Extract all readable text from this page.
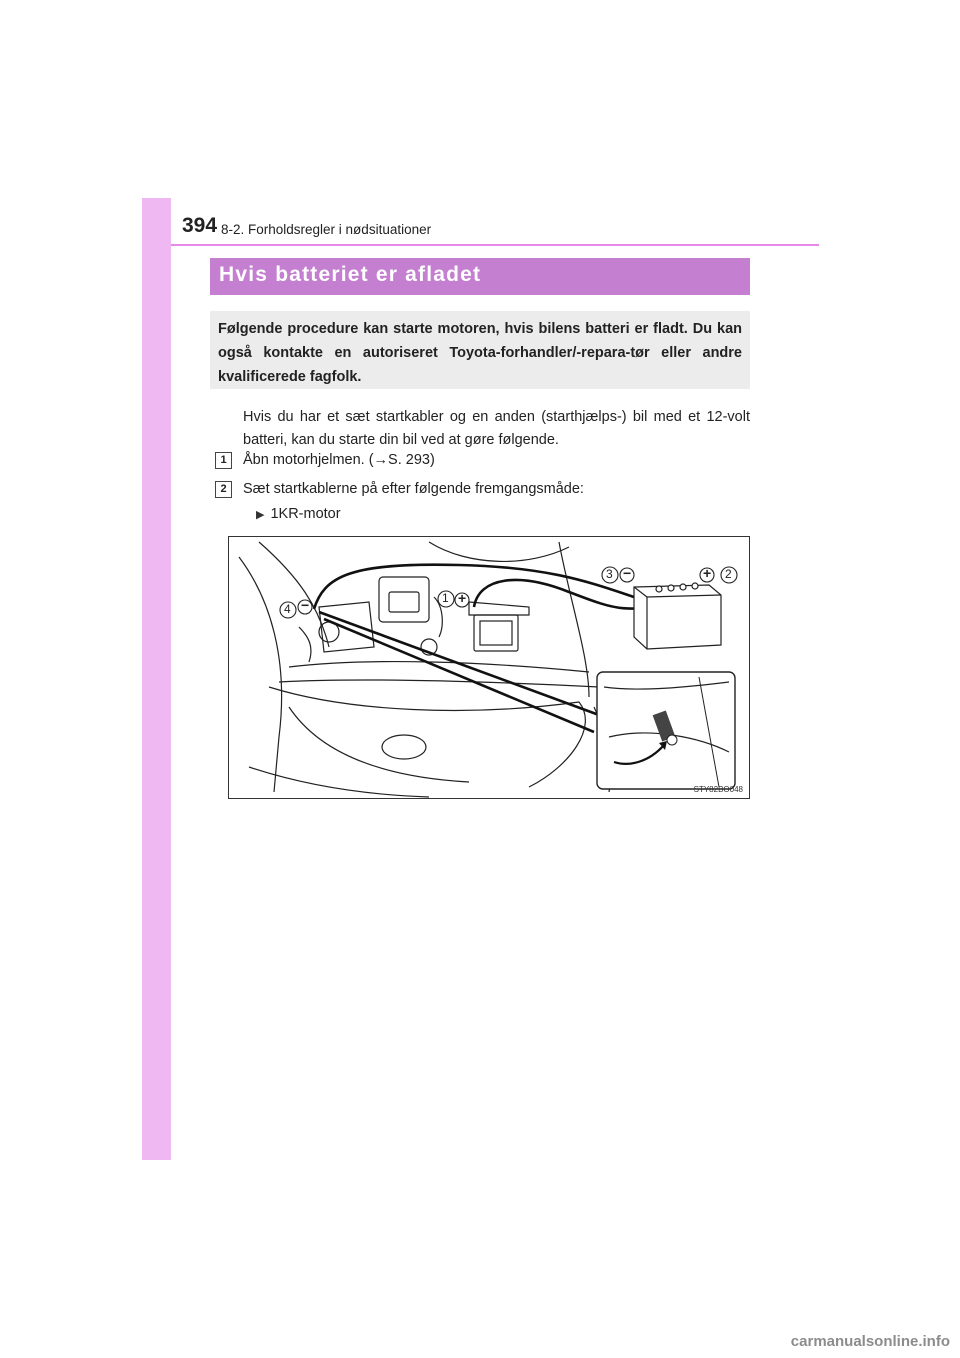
394 8-2. Forholdsregler i nødsituationer
Hvis batteriet er afladet
Følgende procedure kan starte motoren, hvis bilens batteri er fladt. Du kan også kontakte en autoriseret Toyota-forhandler/-repara-tør eller andre kvalificerede fagfolk.
Hvis du har et sæt startkabler og en anden (starthjælps-) bil med et 12-volt batteri, kan du starte din bil ved at gøre følgende.
1	Åbn motorhjelmen. (→S. 293)
2	Sæt startkablerne på efter følgende fremgangsmåde:
▶ 1KR-motor
1 +
2
+
3 −
4 −
STY82BO048
carmanualsonline.info
